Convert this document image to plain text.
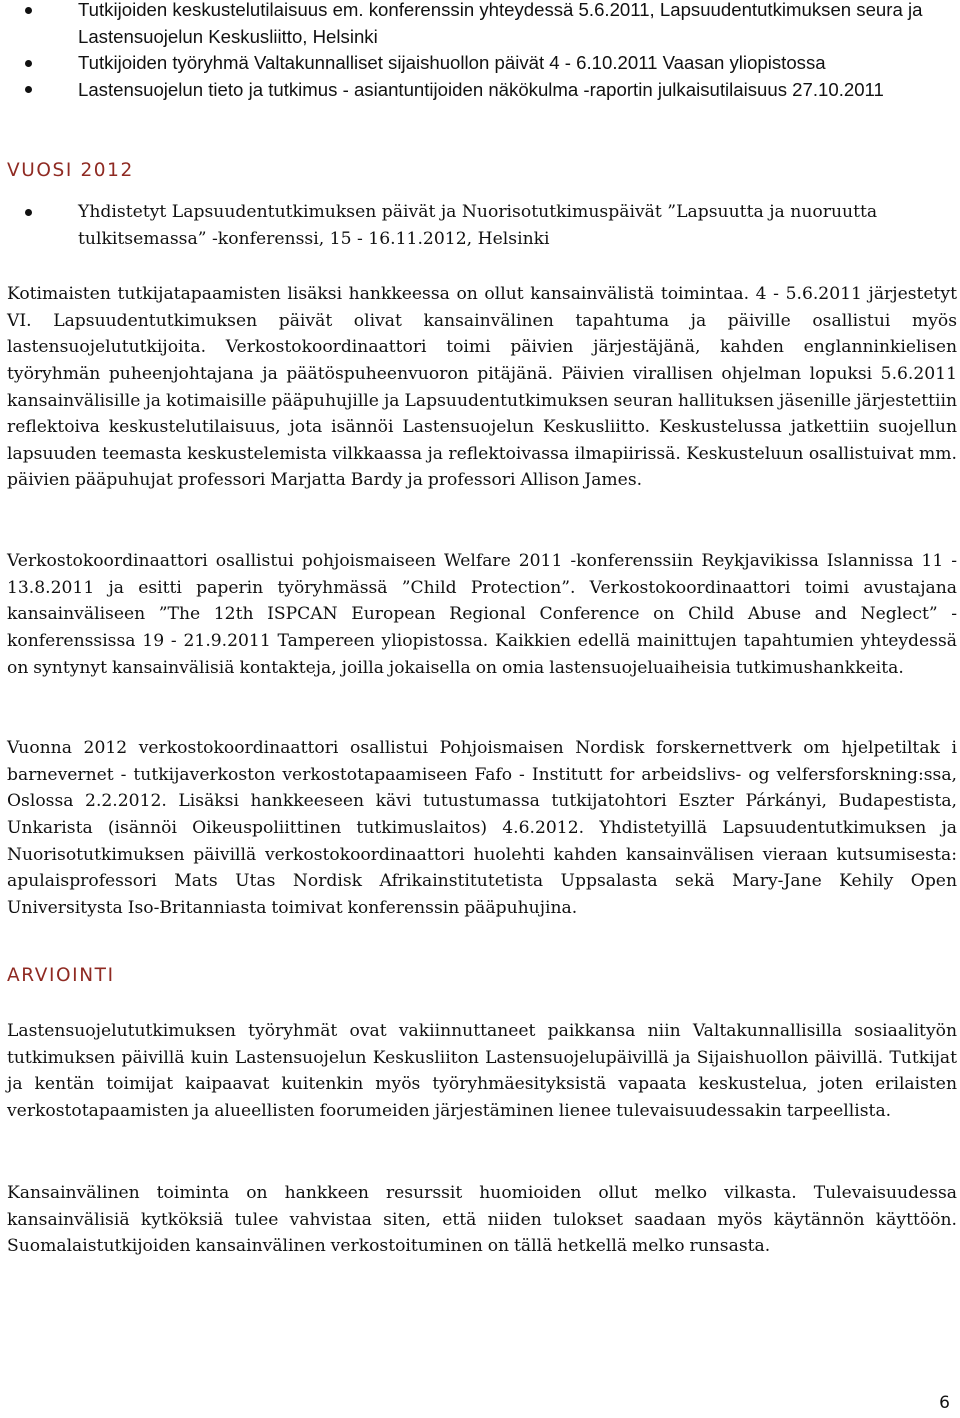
Tutkijoiden keskustelutilaisuus em. konferenssin yhteydessä 5.6.2011, Lapsuudentutkimuksen seura ja Lastensuojelun Keskusliitto, Helsinki
Tutkijoiden työryhmä Valtakunnalliset sijaishuollon päivät 4 - 6.10.2011 Vaasan yliopistossa
Lastensuojelun tieto ja tutkimus - asiantuntijoiden näkökulma -raportin julkaisutilaisuus 27.10.2011
VUOSI 2012
Yhdistetyt Lapsuudentutkimuksen päivät ja Nuorisotutkimuspäivät ”Lapsuutta ja nuoruutta tulkitsemassa” -konferenssi, 15 - 16.11.2012, Helsinki

Kotimaisten tutkijatapaamisten lisäksi hankkeessa on ollut kansainvälistä toimintaa. 4 - 5.6.2011 järjestetyt VI. Lapsuudentutkimuksen päivät olivat kansainvälinen tapahtuma ja päiville osallistui myös lastensuojelututkijoita. Verkostokoordinaattori toimi päivien järjestäjänä, kahden englanninkielisen työryhmän puheenjohtajana ja päätöspuheenvuoron pitäjänä. Päivien virallisen ohjelman lopuksi 5.6.2011 kansainvälisille ja kotimaisille pääpuhujille ja Lapsuudentutkimuksen seuran hallituksen jäsenille järjestettiin reflektoiva keskustelutilaisuus, jota isännöi Lastensuojelun Keskusliitto. Keskustelussa jatkettiin suojellun lapsuuden teemasta keskustelemista vilkkaassa ja reflektoivassa ilmapiirissä. Keskusteluun osallistuivat mm. päivien pääpuhujat professori Marjatta Bardy ja professori Allison James.

Verkostokoordinaattori osallistui pohjoismaiseen Welfare 2011 -konferenssiin Reykjavikissa Islannissa 11 - 13.8.2011 ja esitti paperin työryhmässä ”Child Protection”. Verkostokoordinaattori toimi avustajana kansainväliseen ”The 12th ISPCAN European Regional Conference on Child Abuse and Neglect” -konferenssissa 19 - 21.9.2011 Tampereen yliopistossa. Kaikkien edellä mainittujen tapahtumien yhteydessä on syntynyt kansainvälisiä kontakteja, joilla jokaisella on omia lastensuojeluaiheisia tutkimushankkeita.

Vuonna 2012 verkostokoordinaattori osallistui Pohjoismaisen Nordisk forskernettverk om hjelpetiltak i barnevernet - tutkijaverkoston verkostotapaamiseen Fafo - Institutt for arbeidslivs- og velfersforskning:ssa, Oslossa 2.2.2012. Lisäksi hankkeeseen kävi tutustumassa tutkijatohtori Eszter Párkányi, Budapestista, Unkarista (isännöi Oikeuspoliittinen tutkimuslaitos) 4.6.2012. Yhdistetyillä Lapsuudentutkimuksen ja Nuorisotutkimuksen päivillä verkostokoordinaattori huolehti kahden kansainvälisen vieraan kutsumisesta: apulaisprofessori Mats Utas Nordisk Afrikainstitutetista Uppsalasta sekä Mary-Jane Kehily Open Universitysta Iso-Britanniasta toimivat konferenssin pääpuhujina.

ARVIOINTI

Lastensuojelututkimuksen työryhmät ovat vakiinnuttaneet paikkansa niin Valtakunnallisilla sosiaalityön tutkimuksen päivillä kuin Lastensuojelun Keskusliiton Lastensuojelupäivillä ja Sijaishuollon päivillä. Tutkijat ja kentän toimijat kaipaavat kuitenkin myös työryhmäesityksistä vapaata keskustelua, joten erilaisten verkostotapaamisten ja alueellisten foorumeiden järjestäminen lienee tulevaisuudessakin tarpeellista.

Kansainvälinen toiminta on hankkeen resurssit huomioiden ollut melko vilkasta. Tulevaisuudessa kansainvälisiä kytköksiä tulee vahvistaa siten, että niiden tulokset saadaan myös käytännön käyttöön. Suomalaistutkijoiden kansainvälinen verkostoituminen on tällä hetkellä melko runsasta.

6
